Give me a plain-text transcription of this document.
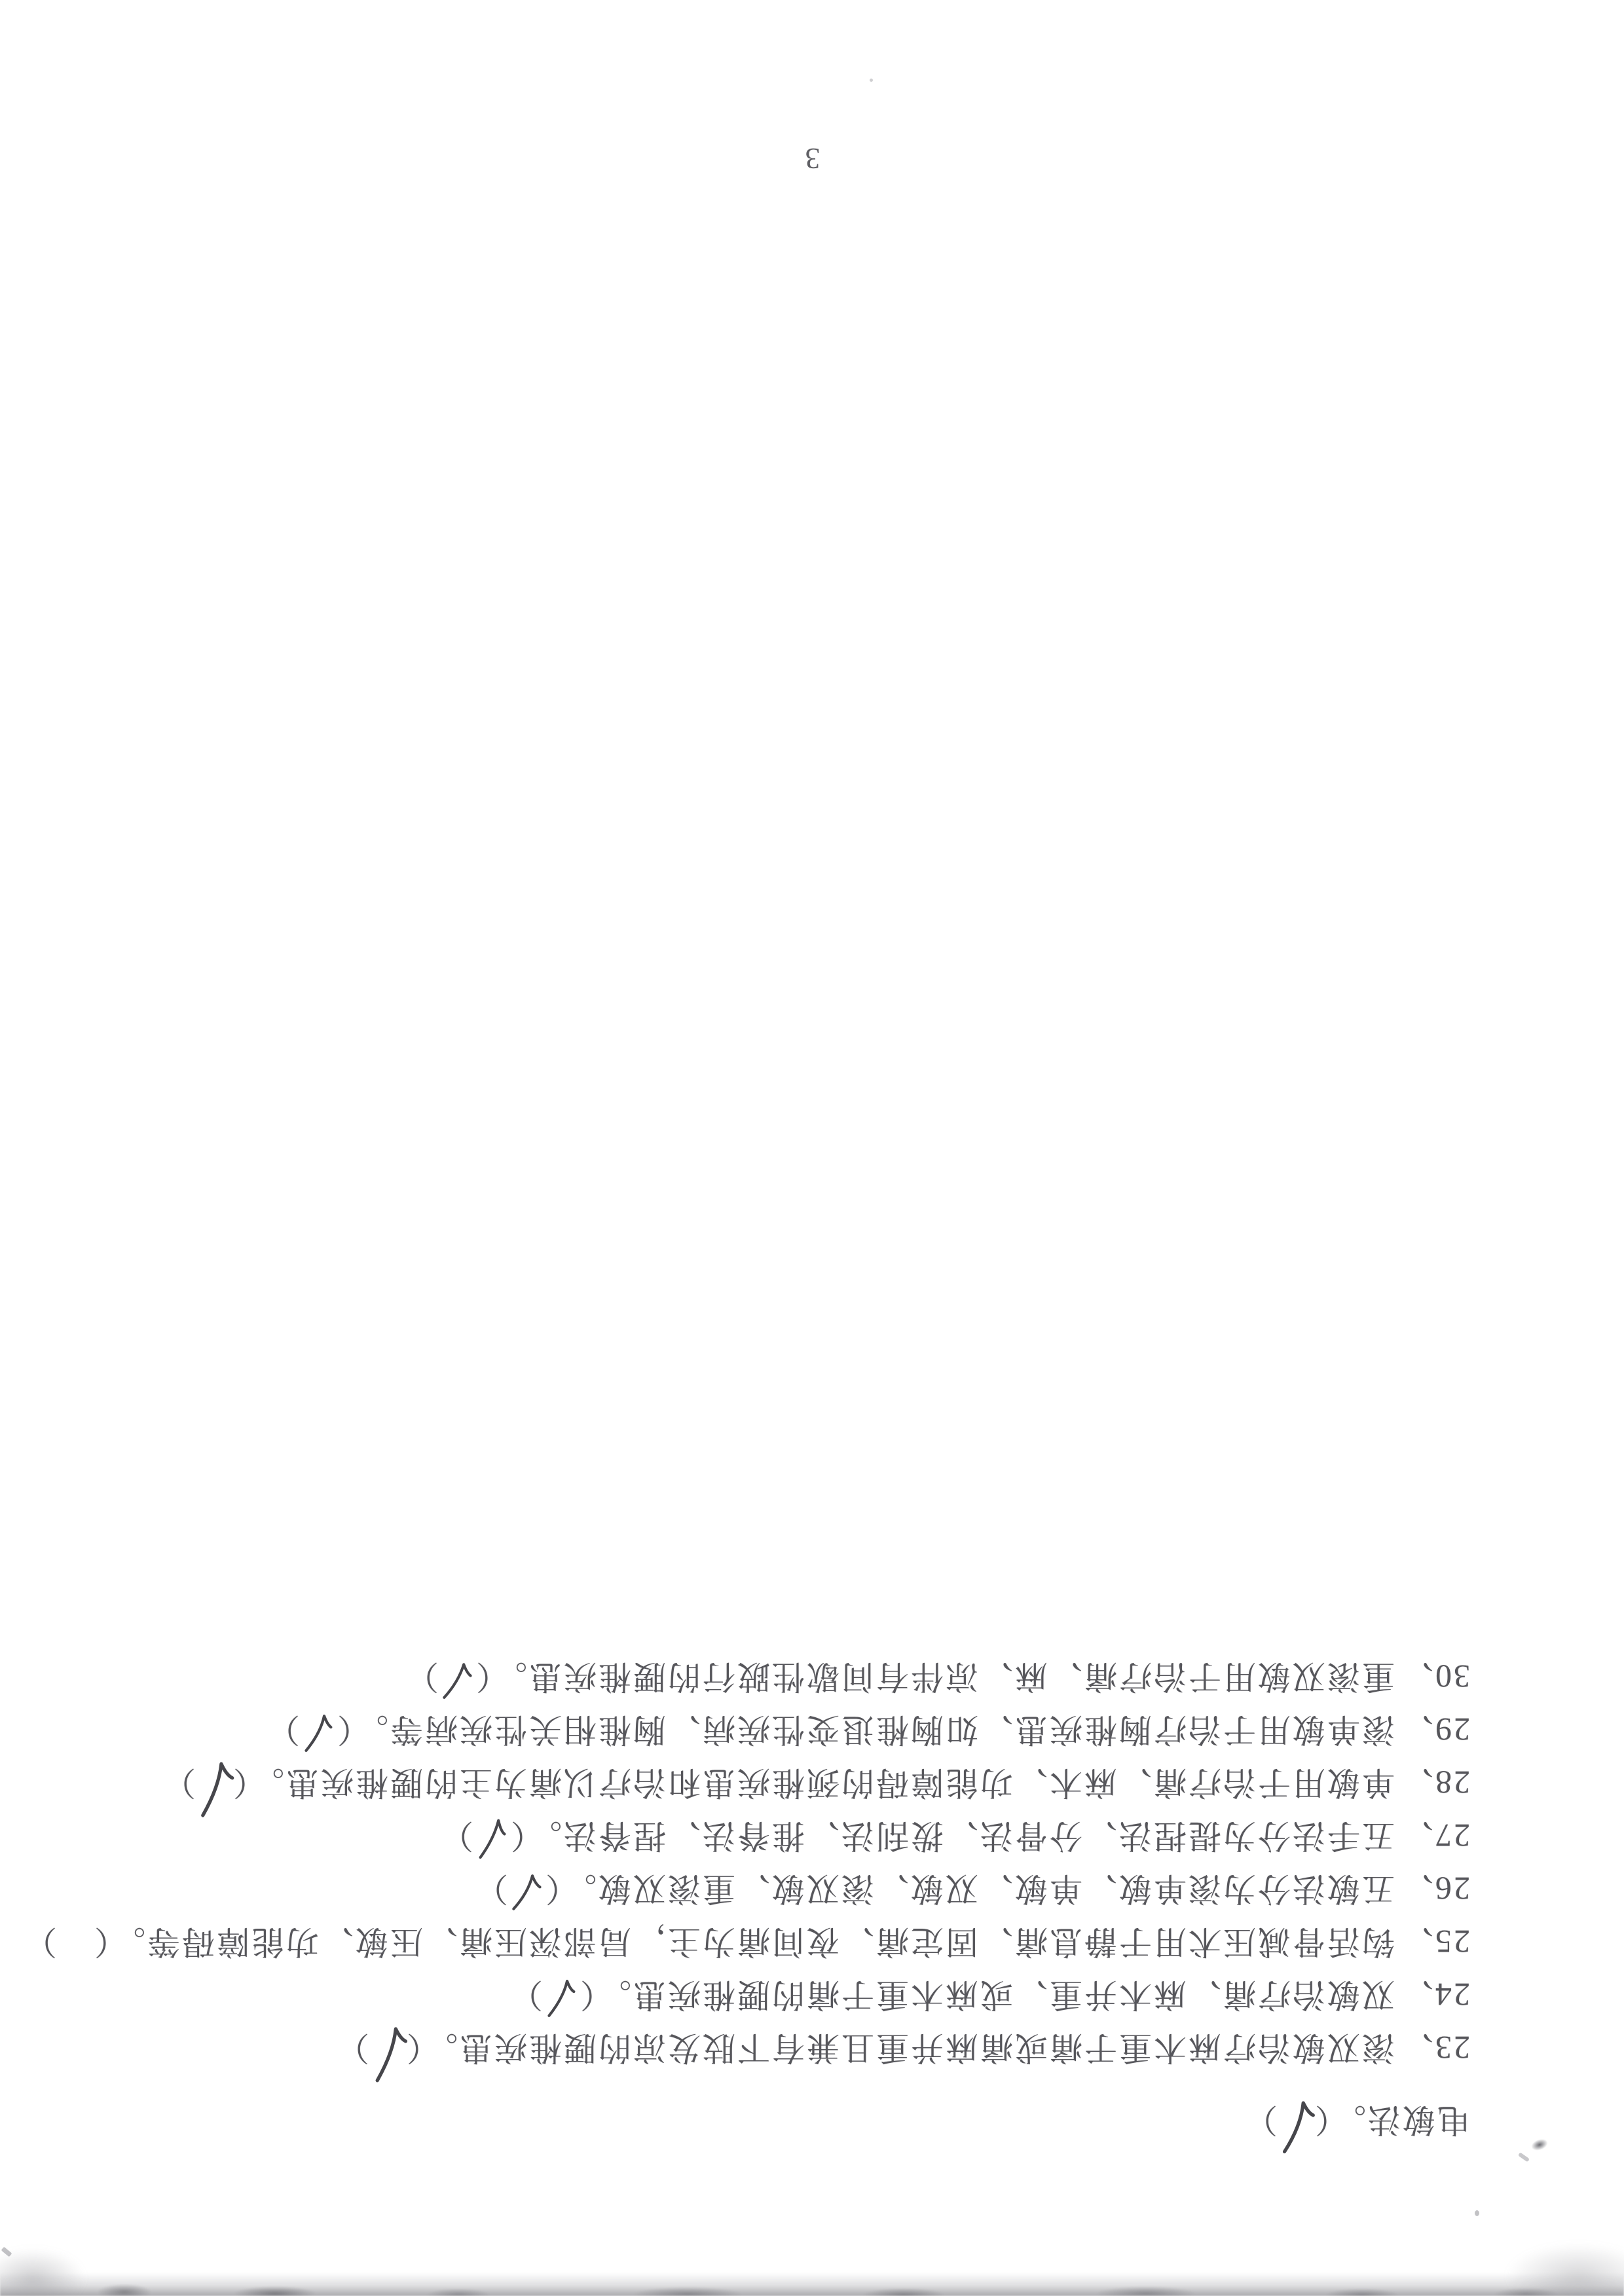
电敏法。（
）
23、滚双敏治疗麻木重于痛或痛麻并重且兼有下肢发凉的腰椎疾患。（
）
24、双敏治疗痛、麻木并重、或麻木重于痛的腰椎疾患。（
）
25、钩活骨减压术用于静息痛、固定痛、夜间痛为主，局部深压痛、压敏、功能障碍等。（）
26、五敏法分为滚单敏、单敏、双敏、滚双敏、重滚双敏。（
）
27、五手法分为提捏法、分骨法、拨刮法、推脊法、捏脊法。（
）
28、单敏用于治疗痛、麻木、功能障碍的颈椎疾患和治疗以痛为主的腰椎疾患。（
）
29、滚单敏用于治疗胸椎疾患、如胸椎退变性疾病、胸椎相关性疾病等。（
）
30、重滚双敏用于治疗痛、麻、凉伴有间歇性跛行的腰椎疾患。（
）
3
